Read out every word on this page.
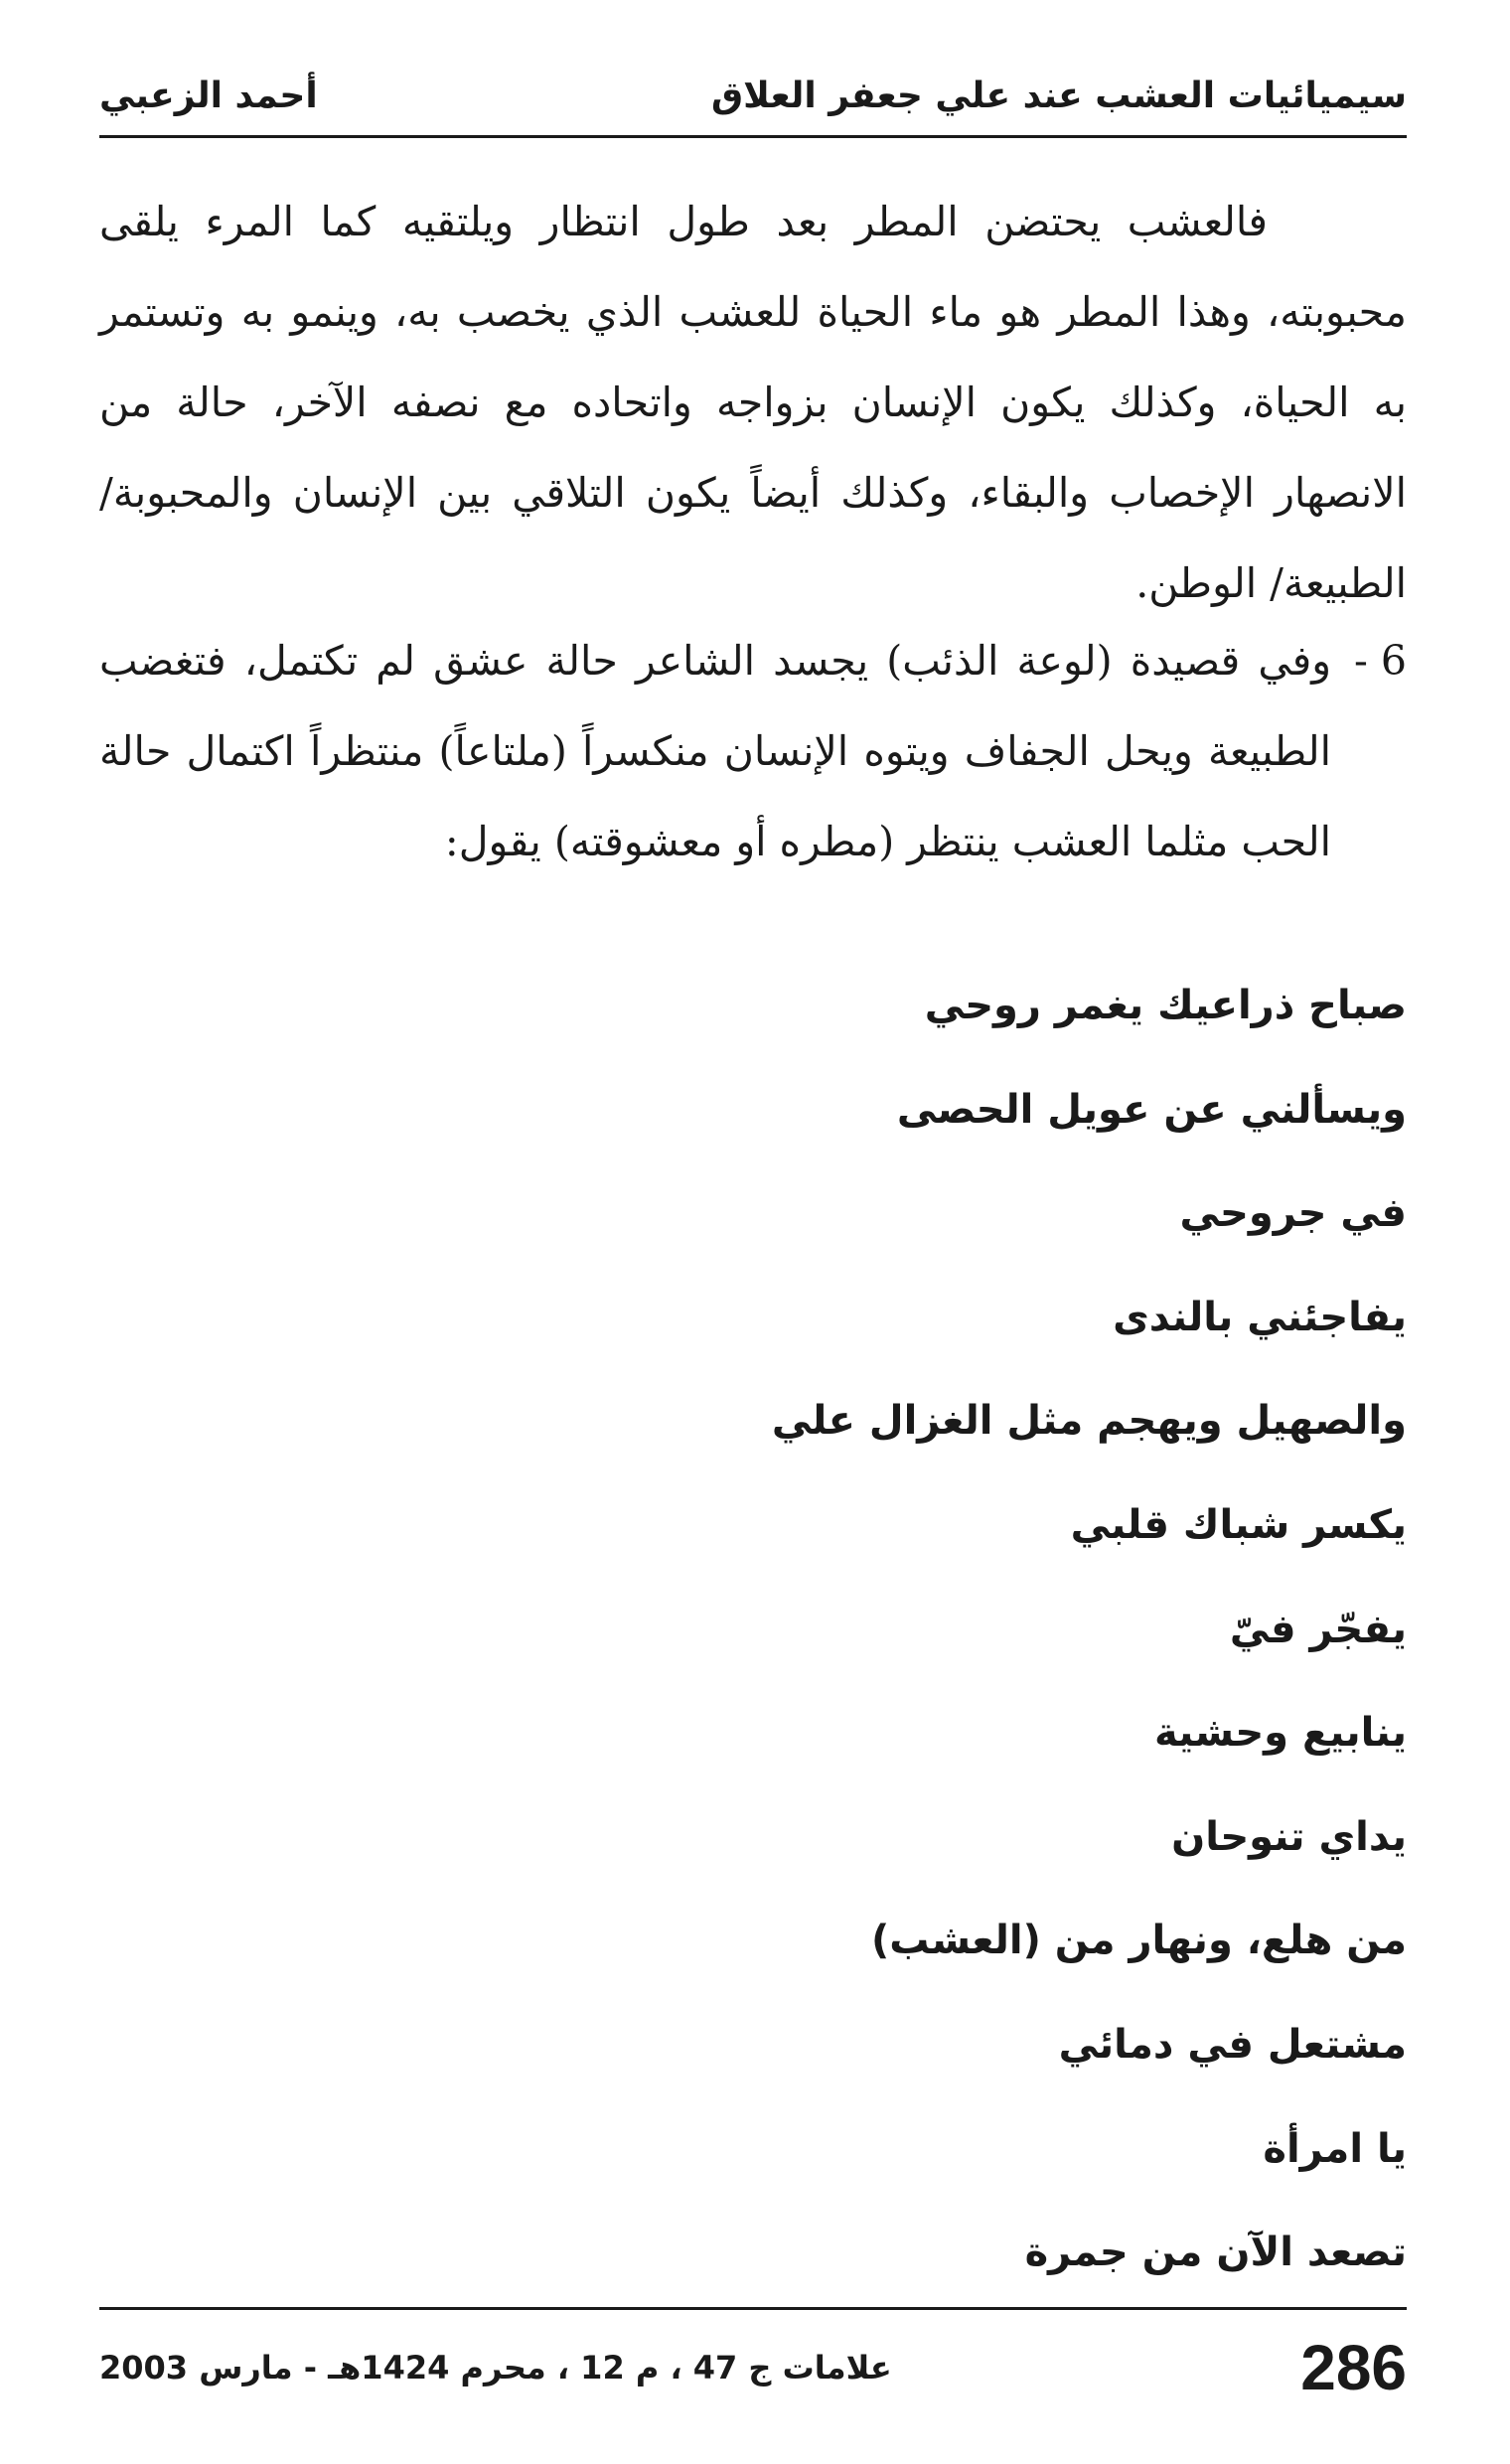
سيميائيات العشب عند علي جعفر العلاق
أحمد الزعبي

فالعشب يحتضن المطر بعد طول انتظار ويلتقيه كما المرء يلقى محبوبته، وهذا المطر هو ماء الحياة للعشب الذي يخصب به، وينمو به وتستمر به الحياة، وكذلك يكون الإنسان بزواجه واتحاده مع نصفه الآخر، حالة من الانصهار الإخصاب والبقاء، وكذلك أيضاً يكون التلاقي بين الإنسان والمحبوبة/ الطبيعة/ الوطن.

6 -
وفي قصيدة (لوعة الذئب) يجسد الشاعر حالة عشق لم تكتمل، فتغضب الطبيعة ويحل الجفاف ويتوه الإنسان منكسراً (ملتاعاً) منتظراً اكتمال حالة الحب مثلما العشب ينتظر (مطره أو معشوقته) يقول:
صباح ذراعيك يغمر روحي
ويسألني عن عويل الحصى
في جروحي
يفاجئني بالندى
والصهيل ويهجم مثل الغزال علي
يكسر شباك قلبي
يفجّر فيّ
ينابيع وحشية
يداي تنوحان
من هلع، ونهار من (العشب)
مشتعل في دمائي
يا امرأة
تصعد الآن من جمرة
286
علامات ج 47 ، م 12 ، محرم 1424هـ - مارس 2003
